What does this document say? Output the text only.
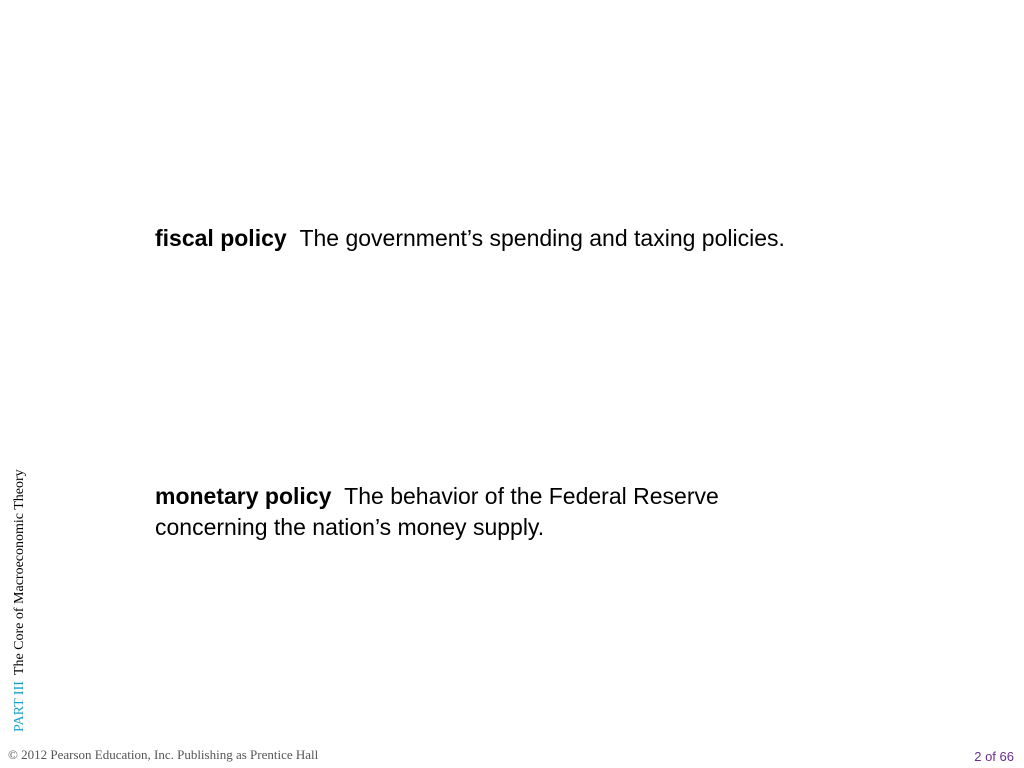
fiscal policy The government’s spending and taxing policies.

monetary policy The behavior of the Federal Reserve concerning the nation’s money supply.

PART IIIThe Core of Macroeconomic Theory
© 2012 Pearson Education, Inc. Publishing as Prentice Hall	2 of 66
